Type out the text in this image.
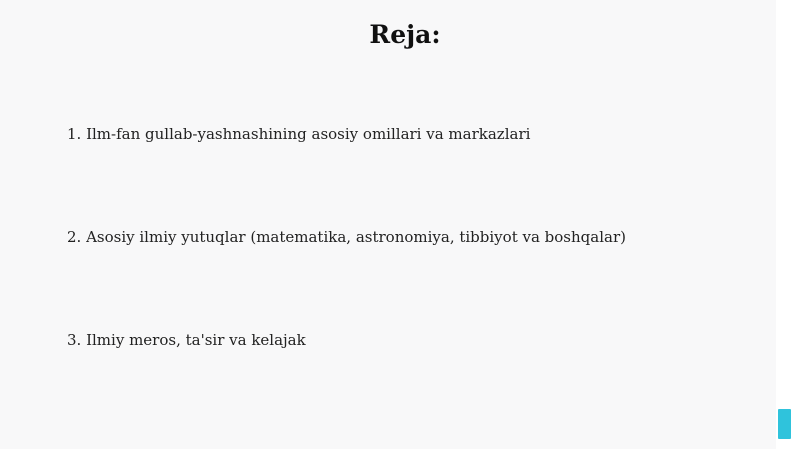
Reja:

1. Ilm-fan gullab-yashnashining asosiy omillari va markazlari

2. Asosiy ilmiy yutuqlar (matematika, astronomiya, tibbiyot va boshqalar)

3. Ilmiy meros, ta'sir va kelajak
